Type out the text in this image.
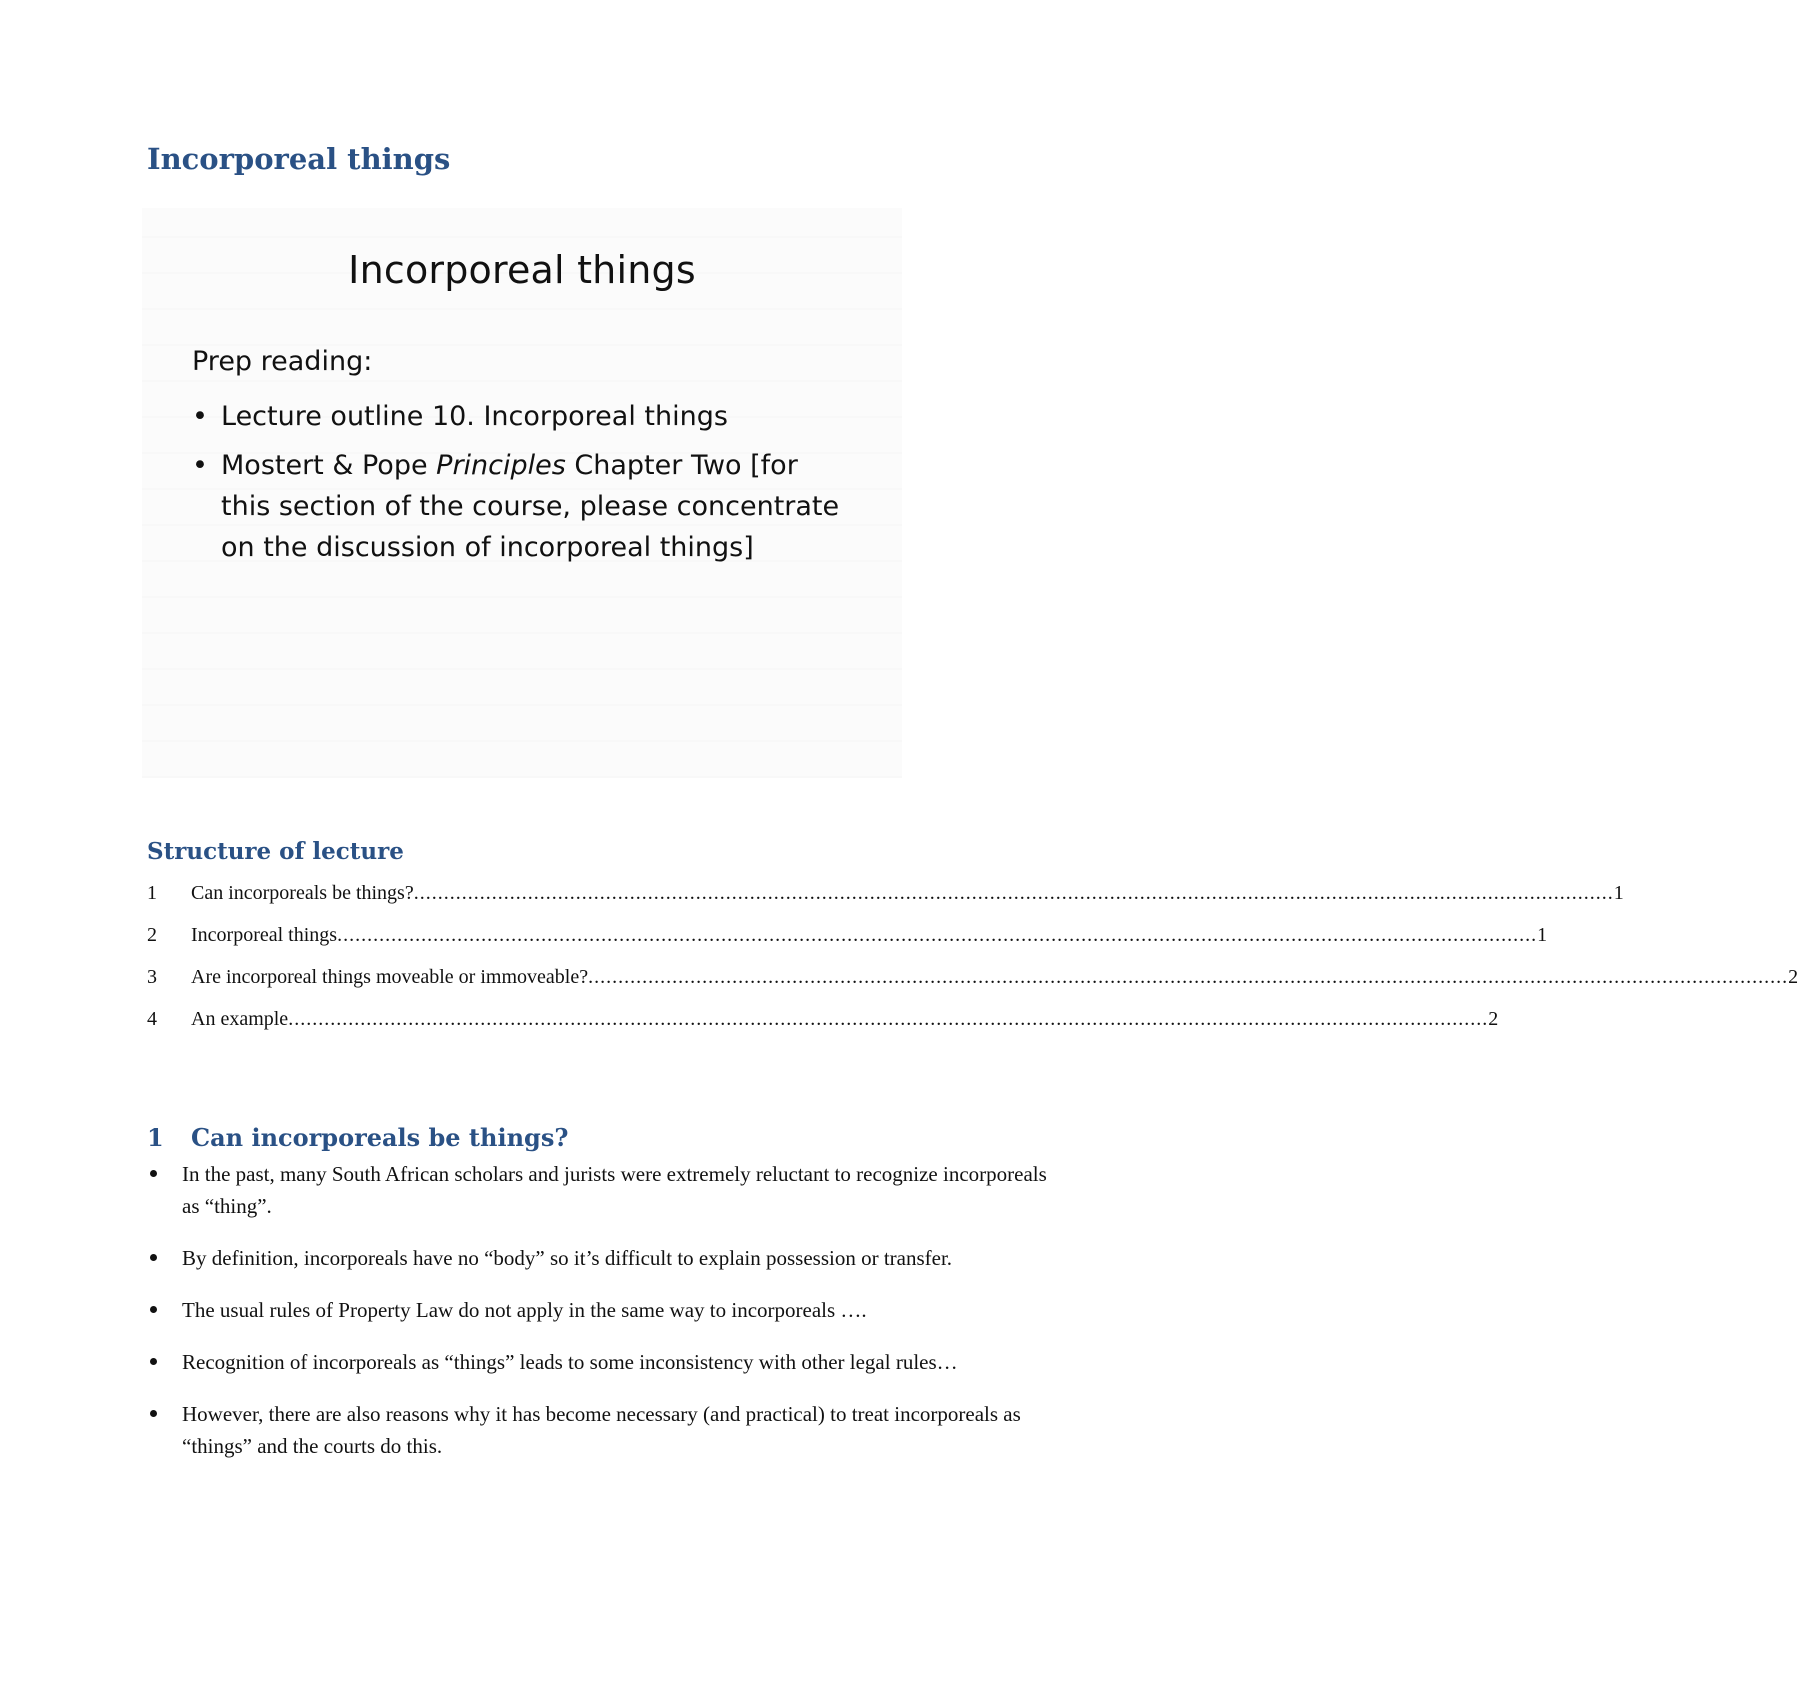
Incorporeal things
Incorporeal things
Prep reading:
• Lecture outline 10. Incorporeal things
• Mostert & Pope Principles Chapter Two [for this section of the course, please concentrate on the discussion of incorporeal things]
Structure of lecture
1	Can incorporeals be things? ........................................................................................................................................................................................................ 1
2	Incorporeal things ........................................................................................................................................................................................................ 1
3	Are incorporeal things moveable or immoveable? ........................................................................................................................................................................................................ 2
4	An example ........................................................................................................................................................................................................ 2
1 Can incorporeals be things?
In the past, many South African scholars and jurists were extremely reluctant to recognize incorporeals as “thing”.
By definition, incorporeals have no “body” so it’s difficult to explain possession or transfer.
The usual rules of Property Law do not apply in the same way to incorporeals ….
Recognition of incorporeals as “things” leads to some inconsistency with other legal rules…
However, there are also reasons why it has become necessary (and practical) to treat incorporeals as “things” and the courts do this.
